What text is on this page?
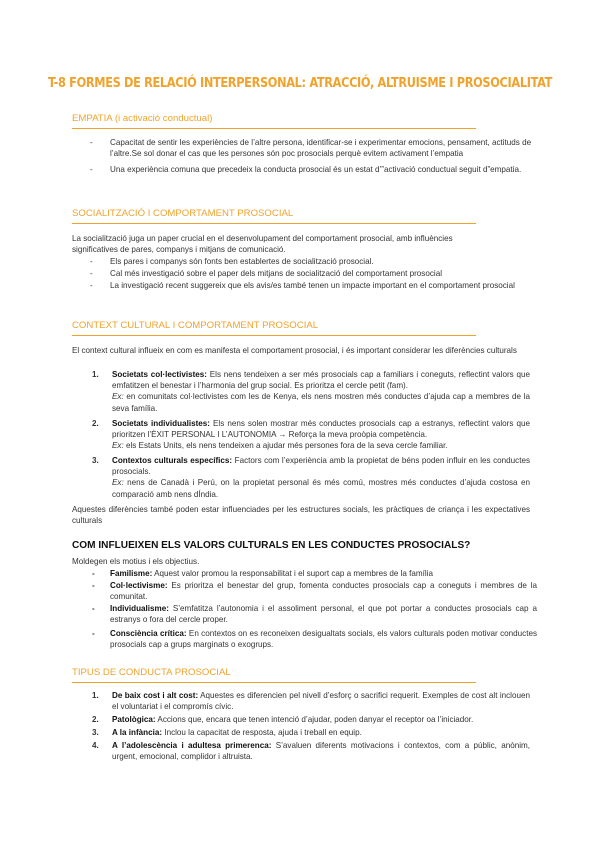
T-8 FORMES DE RELACIÓ INTERPERSONAL: ATRACCIÓ, ALTRUISME I PROSOCIALITAT
EMPATIA (i activació conductual)
- Capacitat de sentir les experiències de l’altre persona, identificar-se i experimentar emocions, pensament, actituds de l’altre.Se sol donar el cas que les persones són poc prosocials perquè evitem activament l’empatia
- Una experiència comuna que precedeix la conducta prosocial és un estat d’”activació conductual seguit d”empatia.
SOCIALITZACIÓ I COMPORTAMENT PROSOCIAL
La socialització juga un paper crucial en el desenvolupament del comportament prosocial, amb influències significatives de pares, companys i mitjans de comunicació.
- Els pares i companys són fonts ben establertes de socialització prosocial.
- Cal més investigació sobre el paper dels mitjans de socialització del comportament prosocial
- La investigació recent suggereix que els avis/es també tenen un impacte important en el comportament prosocial
CONTEXT CULTURAL I COMPORTAMENT PROSOCIAL
El context cultural influeix en com es manifesta el comportament prosocial, i és important considerar les diferències culturals
1. Societats col·lectivistes: Els nens tendeixen a ser més prosocials cap a familiars i coneguts, reflectint valors que emfatitzen el benestar i l’harmonia del grup social. Es prioritza el cercle petit (fam).
Ex: en comunitats col·lectivistes com les de Kenya, els nens mostren més conductes d’ajuda cap a membres de la seva família.
2. Societats individualistes: Els nens solen mostrar més conductes prosocials cap a estranys, reflectint valors que prioritzen l’ÈXIT PERSONAL I L’AUTONOMIA → Reforça la meva proòpia competència.
Ex: els Estats Units, els nens tendeixen a ajudar més persones fora de la seva cercle familiar.
3. Contextos culturals específics: Factors com l’experiència amb la propietat de béns poden influir en les conductes prosocials.
Ex: nens de Canadà i Perú, on la propietat personal és més comú, mostres més conductes d’ajuda costosa en comparació amb nens dÍndia.
Aquestes diferències també poden estar influenciades per les estructures socials, les pràctiques de criança i les expectatives culturals
COM INFLUEIXEN ELS VALORS CULTURALS EN LES CONDUCTES PROSOCIALS?
Moldegen els motius i els objectius.
- Familisme: Aquest valor promou la responsabilitat i el suport cap a membres de la família
- Col·lectivisme: Es prioritza el benestar del grup, fomenta conductes prosocials cap a coneguts i membres de la comunitat.
- Individualisme: S’emfatitza l’autonomia i el assoliment personal, el que pot portar a conductes prosocials cap a estranys o fora del cercle proper.
- Consciència crítica: En contextos on es reconeixen desigualtats socials, els valors culturals poden motivar conductes prosocials cap a grups marginats o exogrups.
TIPUS DE CONDUCTA PROSOCIAL
1. De baix cost i alt cost: Aquestes es diferencien pel nivell d’esforç o sacrifici requerit. Exemples de cost alt inclouen el voluntariat i el compromís cívic.
2. Patològica: Accions que, encara que tenen intenció d’ajudar, poden danyar el receptor oa l’iniciador.
3. A la infància: Inclou la capacitat de resposta, ajuda i treball en equip.
4. A l’adolescència i adultesa primerenca: S’avaluen diferents motivacions i contextos, com a públic, anònim, urgent, emocional, complidor i altruista.
